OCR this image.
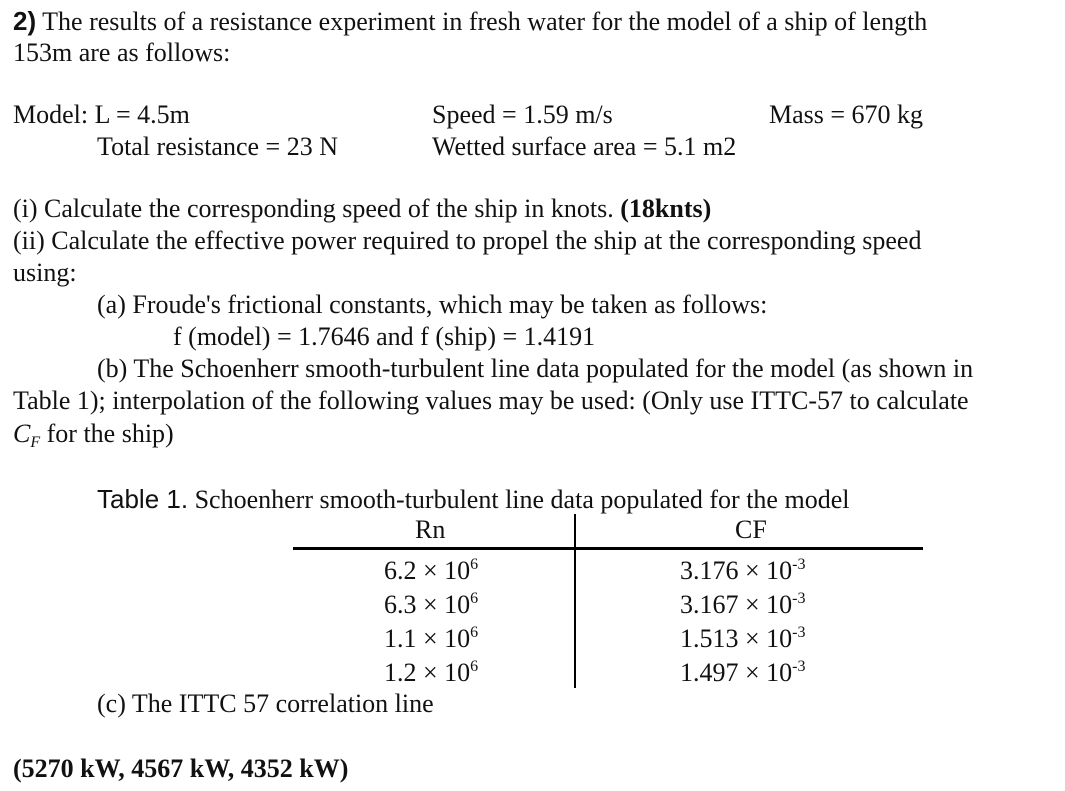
2) The results of a resistance experiment in fresh water for the model of a ship of length
153m are as follows:
Model: L = 4.5m	Speed = 1.59 m/s	Mass = 670 kg
Total resistance = 23 N	Wetted surface area = 5.1 m2
(i) Calculate the corresponding speed of the ship in knots. (18knts)
(ii) Calculate the effective power required to propel the ship at the corresponding speed
using:
(a) Froude's frictional constants, which may be taken as follows:
f (model) = 1.7646 and f (ship) = 1.4191
(b) The Schoenherr smooth-turbulent line data populated for the model (as shown in
Table 1); interpolation of the following values may be used: (Only use ITTC-57 to calculate
CF for the ship)
Table 1. Schoenherr smooth-turbulent line data populated for the model
Rn	CF
$6.2 \times 10^6$	$3.176 \times 10^{-3}$
$6.3 \times 10^6$	$3.167 \times 10^{-3}$
$1.1 \times 10^6$	$1.513 \times 10^{-3}$
$1.2 \times 10^6$	$1.497 \times 10^{-3}$
(c) The ITTC 57 correlation line
(5270 kW, 4567 kW, 4352 kW)
